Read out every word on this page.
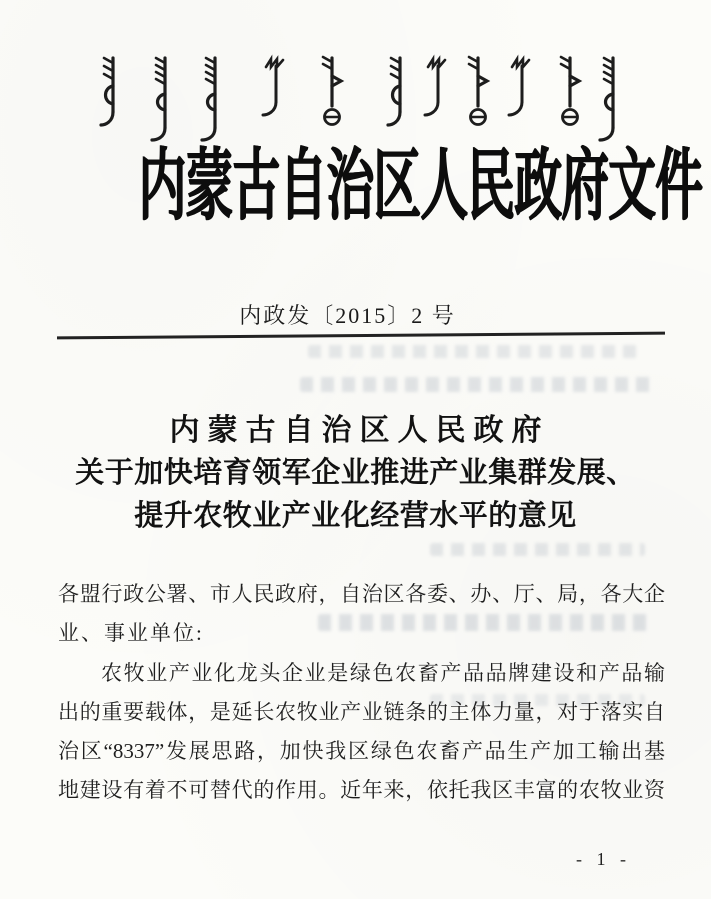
内蒙古自治区人民政府文件
内政发〔2015〕2 号
内蒙古自治区人民政府
关于加快培育领军企业推进产业集群发展、
提升农牧业产业化经营水平的意见
各盟行政公署、市人民政府，自治区各委、办、厅、局，各大企
业、事业单位:
农牧业产业化龙头企业是绿色农畜产品品牌建设和产品输
出的重要载体，是延长农牧业产业链条的主体力量，对于落实自
治区“8337”发展思路，加快我区绿色农畜产品生产加工输出基
地建设有着不可替代的作用。近年来，依托我区丰富的农牧业资
- 1 -
